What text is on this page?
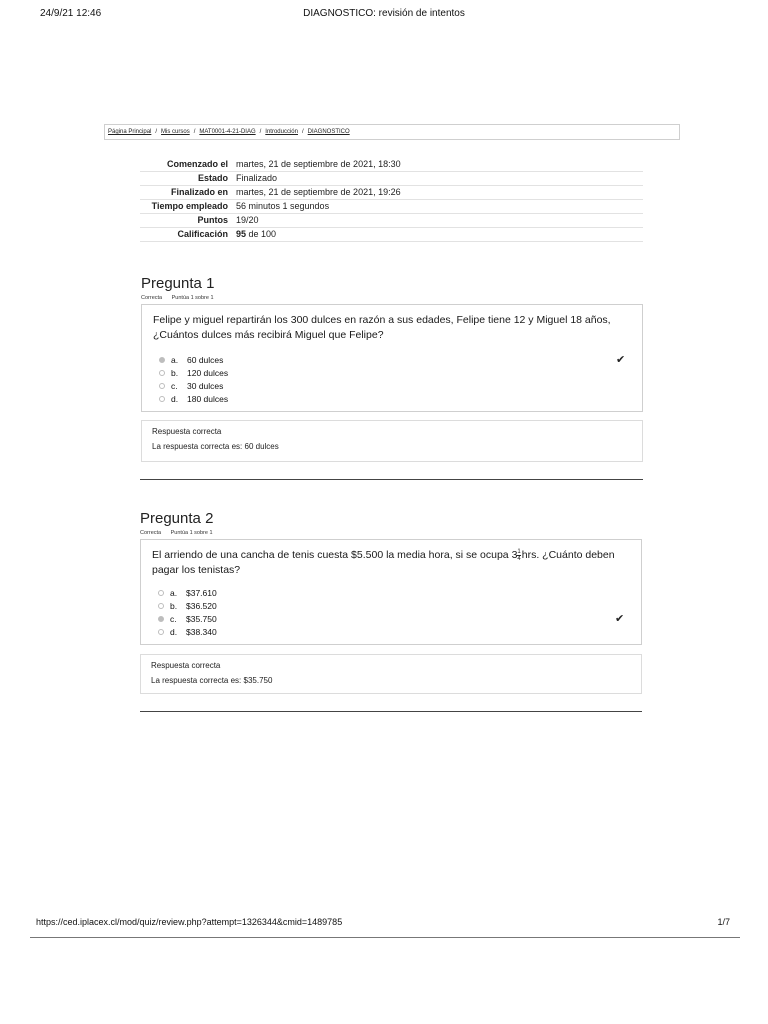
24/9/21 12:46	DIAGNOSTICO: revisión de intentos
Página Principal / Mis cursos / MAT0001-4-21-DIAG / Introducción / DIAGNOSTICO
Comenzado el	martes, 21 de septiembre de 2021, 18:30
Estado	Finalizado
Finalizado en	martes, 21 de septiembre de 2021, 19:26
Tiempo empleado	56 minutos 1 segundos
Puntos	19/20
Calificación	95 de 100
Pregunta 1
Correcta Puntúa 1 sobre 1
Felipe y miguel repartirán los 300 dulces en razón a sus edades, Felipe tiene 12 y Miguel 18 años, ¿Cuántos dulces más recibirá Miguel que Felipe?
a.	60 dulces
b.	120 dulces
c.	30 dulces
d.	180 dulces
✔
Respuesta correcta
La respuesta correcta es: 60 dulces
Pregunta 2
Correcta Puntúa 1 sobre 1
El arriendo de una cancha de tenis cuesta $5.500 la media hora, si se ocupa $3 \frac{1}{4}$ hrs. ¿Cuánto deben pagar los tenistas?
a.	$37.610
b.	$36.520
c.	$35.750
d.	$38.340
✔
Respuesta correcta
La respuesta correcta es: $35.750
https://ced.iplacex.cl/mod/quiz/review.php?attempt=1326344&cmid=1489785	1/7
